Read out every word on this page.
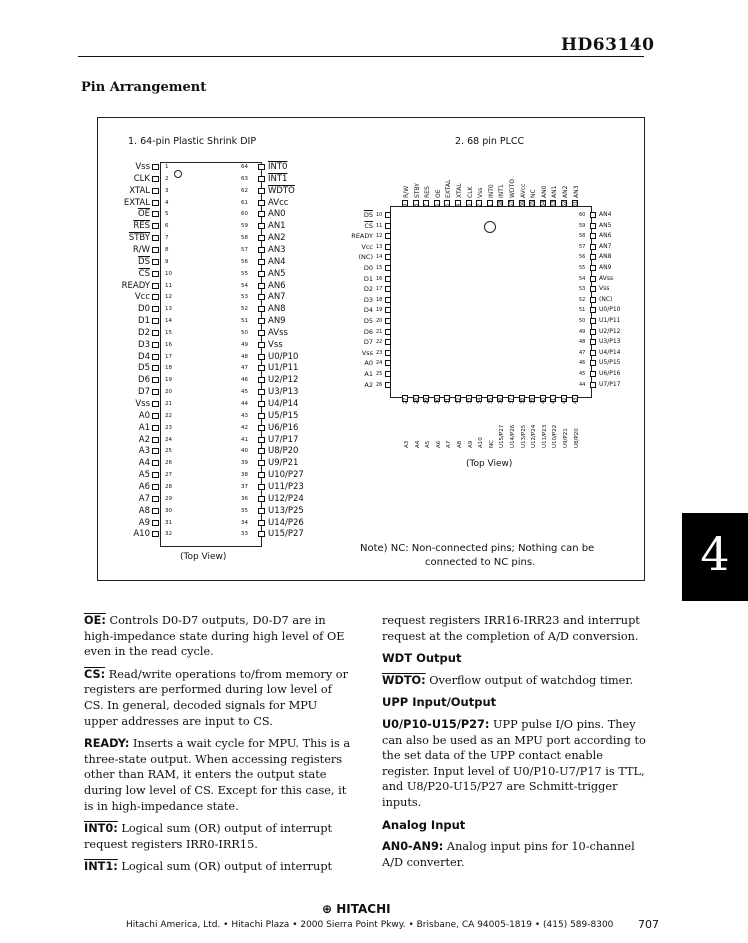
HD63140
Pin Arrangement
1. 64-pin Plastic Shrink DIP	2. 68 pin PLCC
(Top View)
(Top View)
Note) NC: Non-connected pins; Nothing can be
connected to NC pins.
Vss	1
CLK	2
XTAL	3
EXTAL	4
$\overline{OE}$	5
$\overline{RES}$	6
STBY	7
R/W	8
$\overline{DS}$	9
$\overline{CS}$	10
READY	11
Vcc	12
D0	13
D1	14
D2	15
D3	16
D4	17
D5	18
D6	19
D7	20
Vss	21
A0	22
A1	23
A2	24
A3	25
A4	26
A5	27
A6	28
A7	29
A8	30
A9	31
A10	32
64 INT0
63 INT1
62 WDTO
61 AVcc
60 AN0
59 AN1
58 AN2
57 AN3
56 AN4
55 AN5
54 AN6
53 AN7
52 AN8
51 AN9
50 AVss
49 Vss
48 U0/P10
47 U1/P11
46 U2/P12
45 U3/P13
44 U4/P14
43 U5/P15
42 U6/P16
41 U7/P17
40 U8/P20
39 U9/P21
38 U10/P27
37 U11/P23
36 U12/P24
35 U13/P25
34 U14/P26
33 U15/P27
9
R/W
8
STBY
7
RES
6
OE
5
EXTAL
4
XTAL
3
CLK
2
Vss
1
INT0
68
INT1
67
WDTO
66
AVcc
65
NC
64
AN0
63
AN1
62
AN2
61
AN3
$\overline{DS}$ 10
$\overline{CS}$ 11
READY 12
Vcc 13
(NC) 14
D0 15
D1 16
D2 17
D3 18
D4 19
D5 20
D6 21
D7 22
Vss 23
A0 24
A1 25
A2 26
60 AN4
59 AN5
58 AN6
57 AN7
56 AN8
55 AN9
54 AVss
53 Vss
52 (NC)
51 U0/P10
50 U1/P11
49 U2/P12
48 U3/P13
47 U4/P14
46 U5/P15
45 U6/P16
44 U7/P17
27
A3
28
A4
29
A5
30
A6
31
A7
32
A8
33
A9
34
A10
35
NC
36
U15/P27
37
U14/P26
38
U13/P25
39
U12/P24
40
U11/P23
41
U10/P22
42
U9/P21
43
U8/P20
4

OE: Controls D0-D7 outputs, D0-D7 are in high-impedance state during high level of OE even in the read cycle.

CS: Read/write operations to/from memory or registers are performed during low level of CS. In general, decoded signals for MPU upper addresses are input to CS.

READY: Inserts a wait cycle for MPU. This is a three-state output. When accessing registers other than RAM, it enters the output state during low level of CS. Except for this case, it is in high-impedance state.

INT0: Logical sum (OR) output of interrupt request registers IRR0-IRR15.

INT1: Logical sum (OR) output of interrupt

request registers IRR16-IRR23 and interrupt request at the completion of A/D conversion.

WDT Output

WDTO: Overflow output of watchdog timer.

UPP Input/Output

U0/P10-U15/P27: UPP pulse I/O pins. They can also be used as an MPU port according to the set data of the UPP contact enable register. Input level of U0/P10-U7/P17 is TTL, and U8/P20-U15/P27 are Schmitt-trigger inputs.

Analog Input

AN0-AN9: Analog input pins for 10-channel A/D converter.

⊕ HITACHI
Hitachi America, Ltd. • Hitachi Plaza • 2000 Sierra Point Pkwy. • Brisbane, CA 94005-1819 • (415) 589-8300 707
